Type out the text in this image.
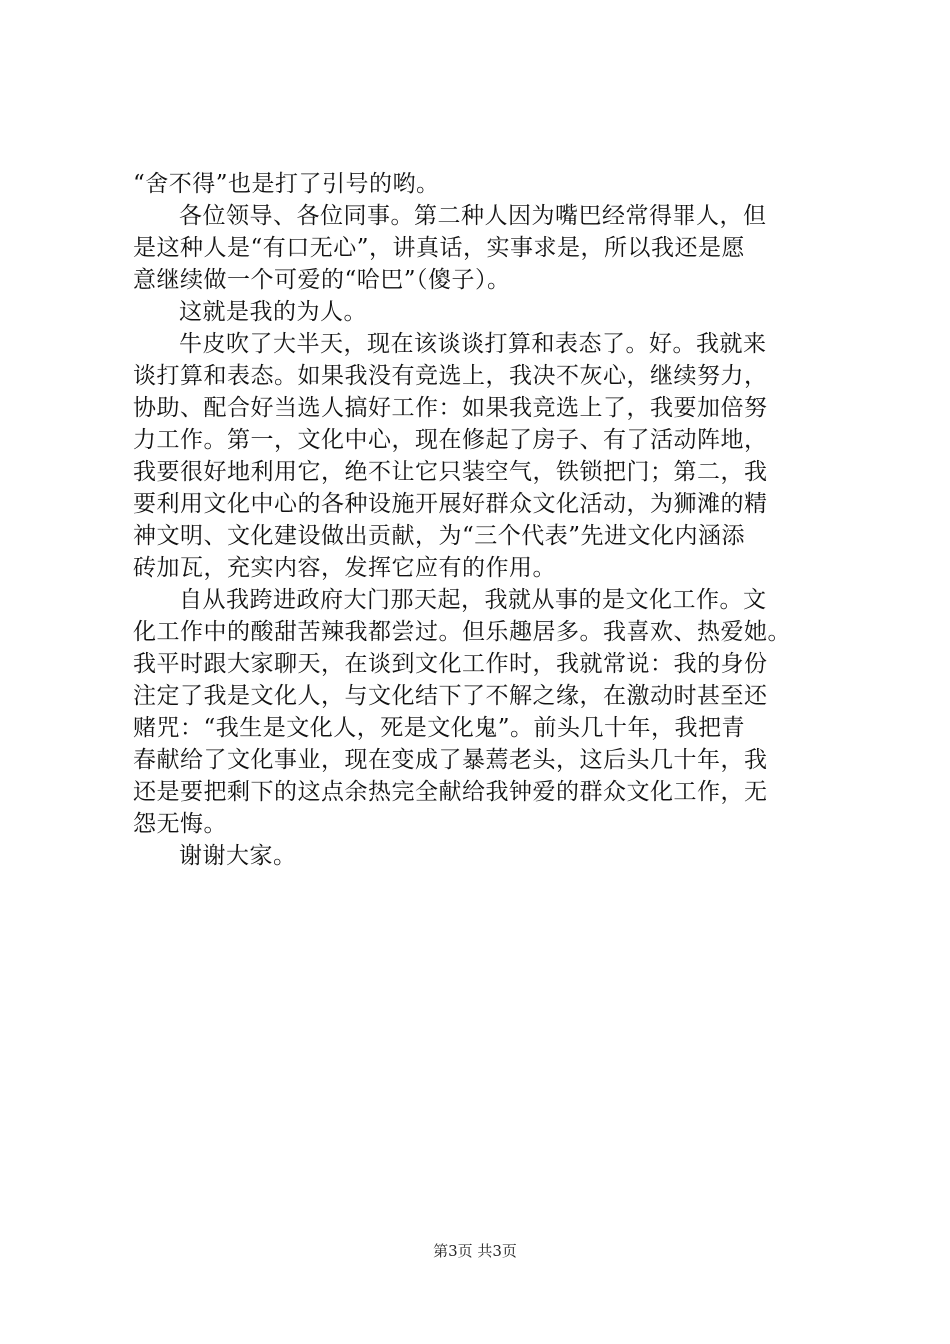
“舍不得”也是打了引号的哟。
各位领导、各位同事。第二种人因为嘴巴经常得罪人，但
是这种人是“有口无心”，讲真话，实事求是，所以我还是愿
意继续做一个可爱的“哈巴”（傻子）。
这就是我的为人。
牛皮吹了大半天，现在该谈谈打算和表态了。好。我就来
谈打算和表态。如果我没有竞选上，我决不灰心，继续努力，
协助、配合好当选人搞好工作：如果我竞选上了，我要加倍努
力工作。第一，文化中心，现在修起了房子、有了活动阵地，
我要很好地利用它，绝不让它只装空气，铁锁把门；第二，我
要利用文化中心的各种设施开展好群众文化活动，为狮滩的精
神文明、文化建设做出贡献，为“三个代表”先进文化内涵添
砖加瓦，充实内容，发挥它应有的作用。
自从我跨进政府大门那天起，我就从事的是文化工作。文
化工作中的酸甜苦辣我都尝过。但乐趣居多。我喜欢、热爱她。
我平时跟大家聊天，在谈到文化工作时，我就常说：我的身份
注定了我是文化人，与文化结下了不解之缘，在激动时甚至还
赌咒：“我生是文化人，死是文化鬼”。前头几十年，我把青
春献给了文化事业，现在变成了暴蔫老头，这后头几十年，我
还是要把剩下的这点余热完全献给我钟爱的群众文化工作，无
怨无悔。
谢谢大家。
第3页 共3页
